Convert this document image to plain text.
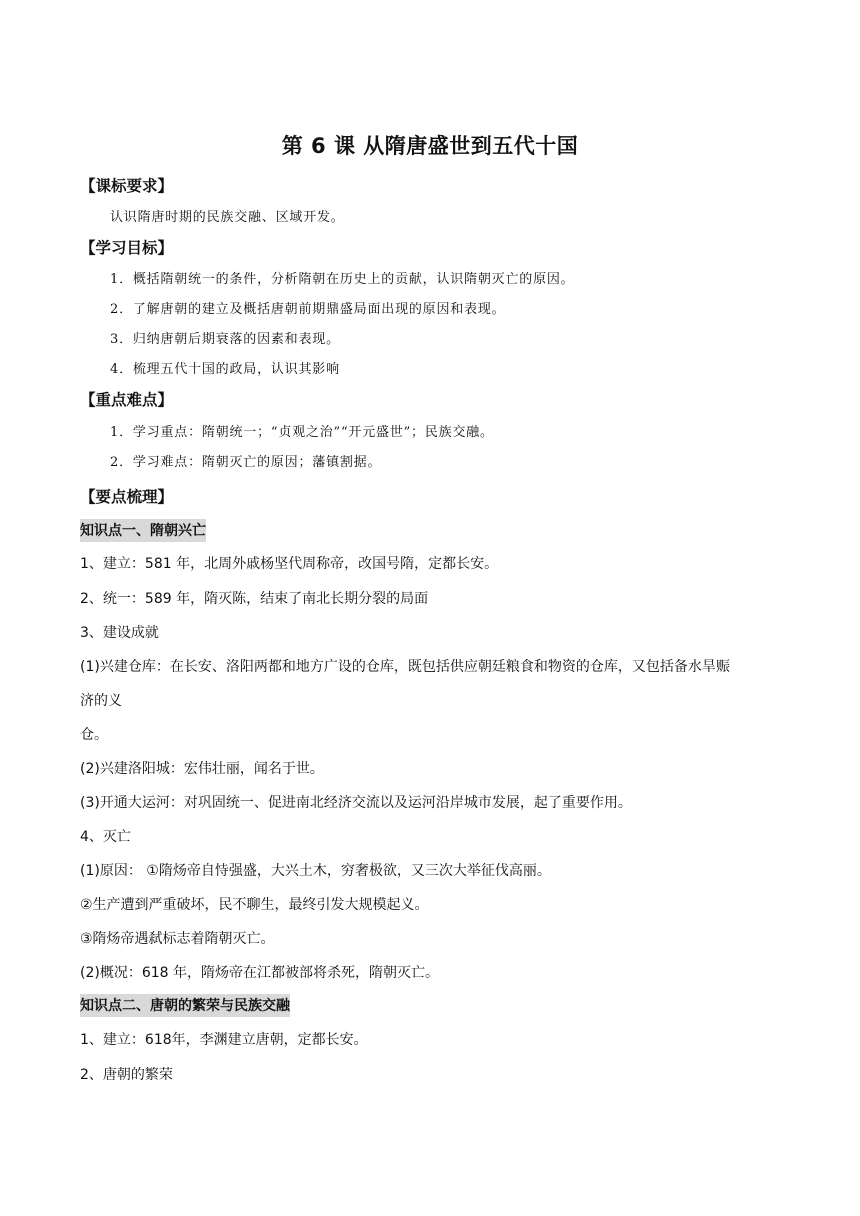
第 6 课 从隋唐盛世到五代十国
【课标要求】
认识隋唐时期的民族交融、区域开发。
【学习目标】
1．概括隋朝统一的条件，分析隋朝在历史上的贡献，认识隋朝灭亡的原因。
2．了解唐朝的建立及概括唐朝前期鼎盛局面出现的原因和表现。
3．归纳唐朝后期衰落的因素和表现。
4．梳理五代十国的政局，认识其影响
【重点难点】
1．学习重点：隋朝统一；“贞观之治”“开元盛世”；民族交融。
2．学习难点：隋朝灭亡的原因；藩镇割据。
【要点梳理】
知识点一、隋朝兴亡
1、建立：581 年，北周外戚杨坚代周称帝，改国号隋，定都长安。
2、统一：589 年，隋灭陈，结束了南北长期分裂的局面
3、建设成就
(1)兴建仓库：在长安、洛阳两都和地方广设的仓库，既包括供应朝廷粮食和物资的仓库，又包括备水旱赈
济的义
仓。
(2)兴建洛阳城：宏伟壮丽，闻名于世。
(3)开通大运河：对巩固统一、促进南北经济交流以及运河沿岸城市发展，起了重要作用。
4、灭亡
(1)原因： ①隋炀帝自恃强盛，大兴土木，穷奢极欲，又三次大举征伐高丽。
②生产遭到严重破坏，民不聊生，最终引发大规模起义。
③隋炀帝遇弑标志着隋朝灭亡。
(2)概况：618 年，隋炀帝在江都被部将杀死，隋朝灭亡。
知识点二、唐朝的繁荣与民族交融
1、建立：618年，李渊建立唐朝，定都长安。
2、唐朝的繁荣
